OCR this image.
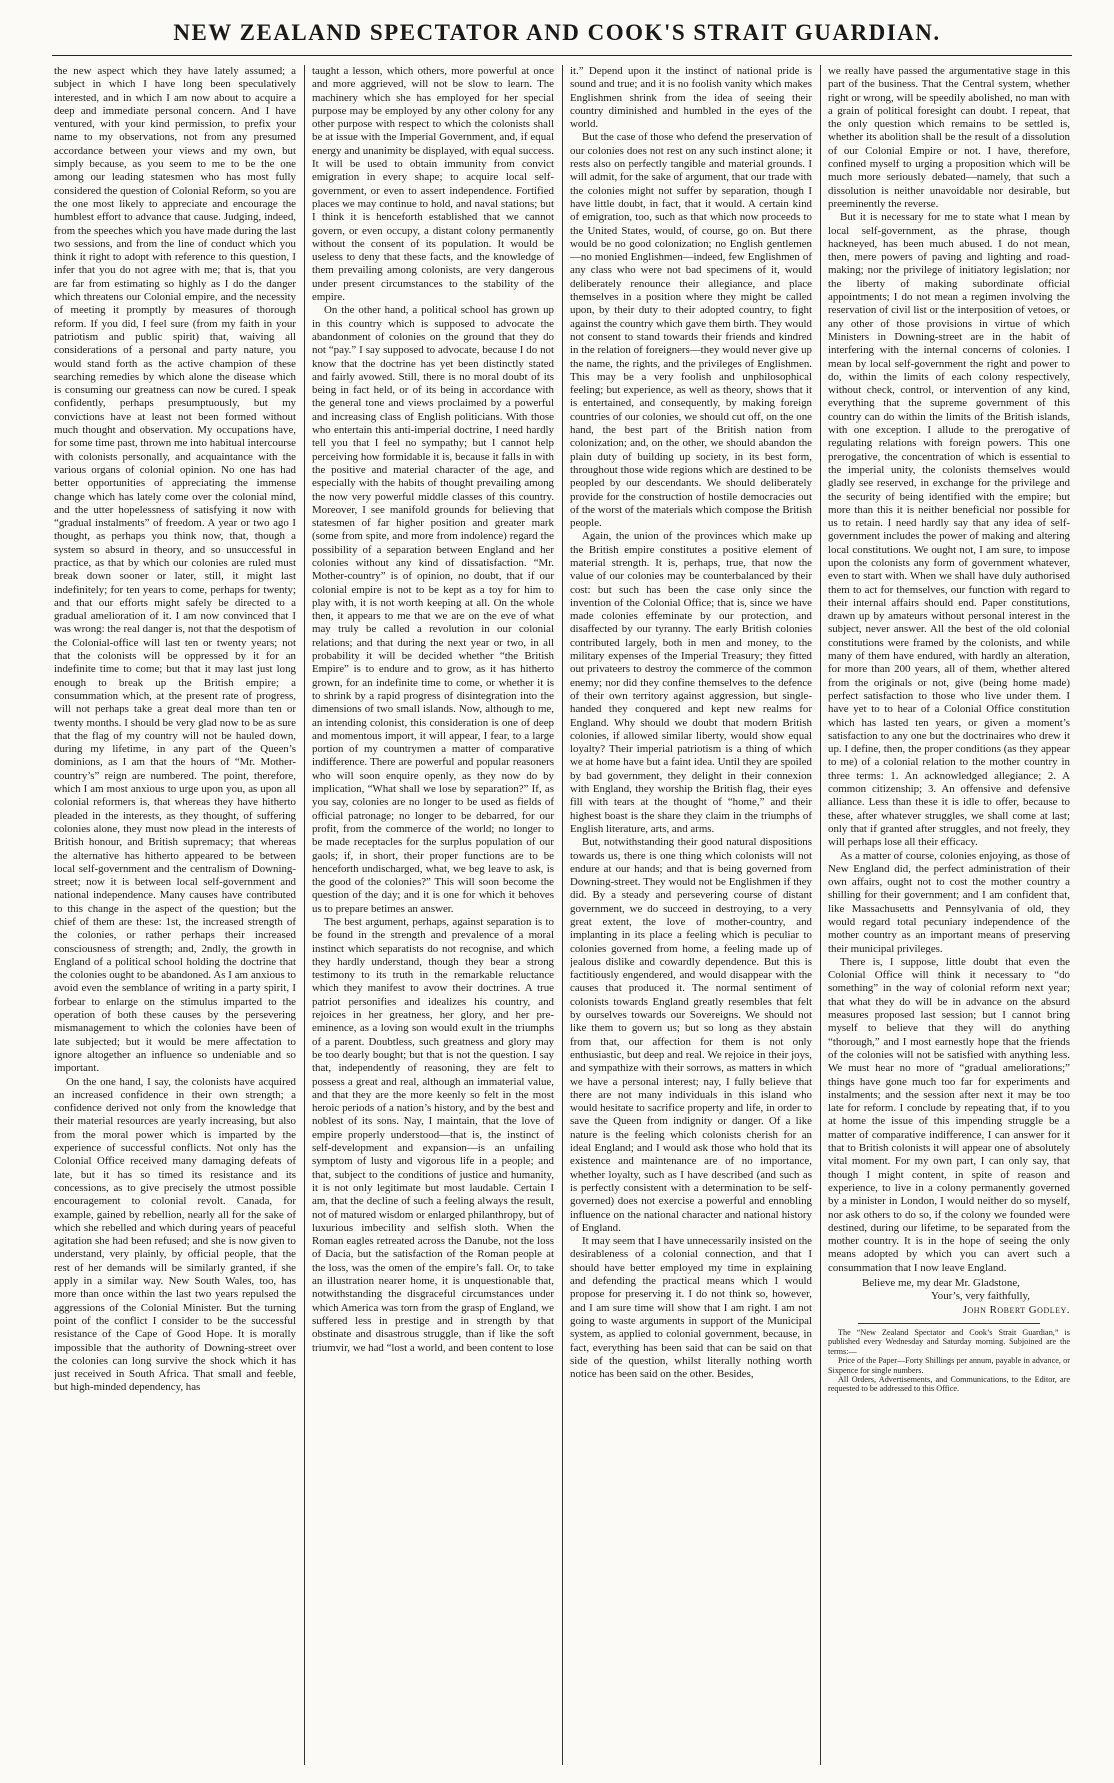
NEW ZEALAND SPECTATOR AND COOK'S STRAIT GUARDIAN.

the new aspect which they have lately assumed; a subject in which I have long been speculatively interested, and in which I am now about to acquire a deep and immediate personal concern. And I have ventured, with your kind permission, to prefix your name to my observations, not from any presumed accordance between your views and my own, but simply because, as you seem to me to be the one among our leading statesmen who has most fully considered the question of Colonial Reform, so you are the one most likely to appreciate and encourage the humblest effort to advance that cause. Judging, indeed, from the speeches which you have made during the last two sessions, and from the line of conduct which you think it right to adopt with reference to this question, I infer that you do not agree with me; that is, that you are far from estimating so highly as I do the danger which threatens our Colonial empire, and the necessity of meeting it promptly by measures of thorough reform. If you did, I feel sure (from my faith in your patriotism and public spirit) that, waiving all considerations of a personal and party nature, you would stand forth as the active champion of these searching remedies by which alone the disease which is consuming our greatness can now be cured. I speak confidently, perhaps presumptuously, but my convictions have at least not been formed without much thought and observation. My occupations have, for some time past, thrown me into habitual intercourse with colonists personally, and acquaintance with the various organs of colonial opinion. No one has had better opportunities of appreciating the immense change which has lately come over the colonial mind, and the utter hopelessness of satisfying it now with “gradual instalments” of freedom. A year or two ago I thought, as perhaps you think now, that, though a system so absurd in theory, and so unsuccessful in practice, as that by which our colonies are ruled must break down sooner or later, still, it might last indefinitely; for ten years to come, perhaps for twenty; and that our efforts might safely be directed to a gradual amelioration of it. I am now convinced that I was wrong: the real danger is, not that the despotism of the Colonial-office will last ten or twenty years; not that the colonists will be oppressed by it for an indefinite time to come; but that it may last just long enough to break up the British empire; a consummation which, at the present rate of progress, will not perhaps take a great deal more than ten or twenty months. I should be very glad now to be as sure that the flag of my country will not be hauled down, during my lifetime, in any part of the Queen’s dominions, as I am that the hours of “Mr. Mother-country’s” reign are numbered. The point, therefore, which I am most anxious to urge upon you, as upon all colonial reformers is, that whereas they have hitherto pleaded in the interests, as they thought, of suffering colonies alone, they must now plead in the interests of British honour, and British supremacy; that whereas the alternative has hitherto appeared to be between local self-government and the centralism of Downing-street; now it is between local self-government and national independence. Many causes have contributed to this change in the aspect of the question; but the chief of them are these: 1st, the increased strength of the colonies, or rather perhaps their increased consciousness of strength; and, 2ndly, the growth in England of a political school holding the doctrine that the colonies ought to be abandoned. As I am anxious to avoid even the semblance of writing in a party spirit, I forbear to enlarge on the stimulus imparted to the operation of both these causes by the persevering mismanagement to which the colonies have been of late subjected; but it would be mere affectation to ignore altogether an influence so undeniable and so important.

On the one hand, I say, the colonists have acquired an increased confidence in their own strength; a confidence derived not only from the knowledge that their material resources are yearly increasing, but also from the moral power which is imparted by the experience of successful conflicts. Not only has the Colonial Office received many damaging defeats of late, but it has so timed its resistance and its concessions, as to give precisely the utmost possible encouragement to colonial revolt. Canada, for example, gained by rebellion, nearly all for the sake of which she rebelled and which during years of peaceful agitation she had been refused; and she is now given to understand, very plainly, by official people, that the rest of her demands will be similarly granted, if she apply in a similar way. New South Wales, too, has more than once within the last two years repulsed the aggressions of the Colonial Minister. But the turning point of the conflict I consider to be the successful resistance of the Cape of Good Hope. It is morally impossible that the authority of Downing-street over the colonies can long survive the shock which it has just received in South Africa. That small and feeble, but high-minded dependency, has

taught a lesson, which others, more powerful at once and more aggrieved, will not be slow to learn. The machinery which she has employed for her special purpose may be employed by any other colony for any other purpose with respect to which the colonists shall be at issue with the Imperial Government, and, if equal energy and unanimity be displayed, with equal success. It will be used to obtain immunity from convict emigration in every shape; to acquire local self-government, or even to assert independence. Fortified places we may continue to hold, and naval stations; but I think it is henceforth established that we cannot govern, or even occupy, a distant colony permanently without the consent of its population. It would be useless to deny that these facts, and the knowledge of them prevailing among colonists, are very dangerous under present circumstances to the stability of the empire.

On the other hand, a political school has grown up in this country which is supposed to advocate the abandonment of colonies on the ground that they do not “pay.” I say supposed to advocate, because I do not know that the doctrine has yet been distinctly stated and fairly avowed. Still, there is no moral doubt of its being in fact held, or of its being in accordance with the general tone and views proclaimed by a powerful and increasing class of English politicians. With those who entertain this anti-imperial doctrine, I need hardly tell you that I feel no sympathy; but I cannot help perceiving how formidable it is, because it falls in with the positive and material character of the age, and especially with the habits of thought prevailing among the now very powerful middle classes of this country. Moreover, I see manifold grounds for believing that statesmen of far higher position and greater mark (some from spite, and more from indolence) regard the possibility of a separation between England and her colonies without any kind of dissatisfaction. “Mr. Mother-country” is of opinion, no doubt, that if our colonial empire is not to be kept as a toy for him to play with, it is not worth keeping at all. On the whole then, it appears to me that we are on the eve of what may truly be called a revolution in our colonial relations; and that during the next year or two, in all probability it will be decided whether “the British Empire” is to endure and to grow, as it has hitherto grown, for an indefinite time to come, or whether it is to shrink by a rapid progress of disintegration into the dimensions of two small islands. Now, although to me, an intending colonist, this consideration is one of deep and momentous import, it will appear, I fear, to a large portion of my countrymen a matter of comparative indifference. There are powerful and popular reasoners who will soon enquire openly, as they now do by implication, “What shall we lose by separation?” If, as you say, colonies are no longer to be used as fields of official patronage; no longer to be debarred, for our profit, from the commerce of the world; no longer to be made receptacles for the surplus population of our gaols; if, in short, their proper functions are to be henceforth undischarged, what, we beg leave to ask, is the good of the colonies?” This will soon become the question of the day; and it is one for which it behoves us to prepare betimes an answer.

The best argument, perhaps, against separation is to be found in the strength and prevalence of a moral instinct which separatists do not recognise, and which they hardly understand, though they bear a strong testimony to its truth in the remarkable reluctance which they manifest to avow their doctrines. A true patriot personifies and idealizes his country, and rejoices in her greatness, her glory, and her pre-eminence, as a loving son would exult in the triumphs of a parent. Doubtless, such greatness and glory may be too dearly bought; but that is not the question. I say that, independently of reasoning, they are felt to possess a great and real, although an immaterial value, and that they are the more keenly so felt in the most heroic periods of a nation’s history, and by the best and noblest of its sons. Nay, I maintain, that the love of empire properly understood—that is, the instinct of self-development and expansion—is an unfailing symptom of lusty and vigorous life in a people; and that, subject to the conditions of justice and humanity, it is not only legitimate but most laudable. Certain I am, that the decline of such a feeling always the result, not of matured wisdom or enlarged philanthropy, but of luxurious imbecility and selfish sloth. When the Roman eagles retreated across the Danube, not the loss of Dacia, but the satisfaction of the Roman people at the loss, was the omen of the empire’s fall. Or, to take an illustration nearer home, it is unquestionable that, notwithstanding the disgraceful circumstances under which America was torn from the grasp of England, we suffered less in prestige and in strength by that obstinate and disastrous struggle, than if like the soft triumvir, we had “lost a world, and been content to lose

it.” Depend upon it the instinct of national pride is sound and true; and it is no foolish vanity which makes Englishmen shrink from the idea of seeing their country diminished and humbled in the eyes of the world.

But the case of those who defend the preservation of our colonies does not rest on any such instinct alone; it rests also on perfectly tangible and material grounds. I will admit, for the sake of argument, that our trade with the colonies might not suffer by separation, though I have little doubt, in fact, that it would. A certain kind of emigration, too, such as that which now proceeds to the United States, would, of course, go on. But there would be no good colonization; no English gentlemen—no monied Englishmen—indeed, few Englishmen of any class who were not bad specimens of it, would deliberately renounce their allegiance, and place themselves in a position where they might be called upon, by their duty to their adopted country, to fight against the country which gave them birth. They would not consent to stand towards their friends and kindred in the relation of foreigners—they would never give up the name, the rights, and the privileges of Englishmen. This may be a very foolish and unphilosophical feeling; but experience, as well as theory, shows that it is entertained, and consequently, by making foreign countries of our colonies, we should cut off, on the one hand, the best part of the British nation from colonization; and, on the other, we should abandon the plain duty of building up society, in its best form, throughout those wide regions which are destined to be peopled by our descendants. We should deliberately provide for the construction of hostile democracies out of the worst of the materials which compose the British people.

Again, the union of the provinces which make up the British empire constitutes a positive element of material strength. It is, perhaps, true, that now the value of our colonies may be counterbalanced by their cost: but such has been the case only since the invention of the Colonial Office; that is, since we have made colonies effeminate by our protection, and disaffected by our tyranny. The early British colonies contributed largely, both in men and money, to the military expenses of the Imperial Treasury; they fitted out privateers to destroy the commerce of the common enemy; nor did they confine themselves to the defence of their own territory against aggression, but single-handed they conquered and kept new realms for England. Why should we doubt that modern British colonies, if allowed similar liberty, would show equal loyalty? Their imperial patriotism is a thing of which we at home have but a faint idea. Until they are spoiled by bad government, they delight in their connexion with England, they worship the British flag, their eyes fill with tears at the thought of “home,” and their highest boast is the share they claim in the triumphs of English literature, arts, and arms.

But, notwithstanding their good natural dispositions towards us, there is one thing which colonists will not endure at our hands; and that is being governed from Downing-street. They would not be Englishmen if they did. By a steady and persevering course of distant government, we do succeed in destroying, to a very great extent, the love of mother-country, and implanting in its place a feeling which is peculiar to colonies governed from home, a feeling made up of jealous dislike and cowardly dependence. But this is factitiously engendered, and would disappear with the causes that produced it. The normal sentiment of colonists towards England greatly resembles that felt by ourselves towards our Sovereigns. We should not like them to govern us; but so long as they abstain from that, our affection for them is not only enthusiastic, but deep and real. We rejoice in their joys, and sympathize with their sorrows, as matters in which we have a personal interest; nay, I fully believe that there are not many individuals in this island who would hesitate to sacrifice property and life, in order to save the Queen from indignity or danger. Of a like nature is the feeling which colonists cherish for an ideal England; and I would ask those who hold that its existence and maintenance are of no importance, whether loyalty, such as I have described (and such as is perfectly consistent with a determination to be self-governed) does not exercise a powerful and ennobling influence on the national character and national history of England.

It may seem that I have unnecessarily insisted on the desirableness of a colonial connection, and that I should have better employed my time in explaining and defending the practical means which I would propose for preserving it. I do not think so, however, and I am sure time will show that I am right. I am not going to waste arguments in support of the Municipal system, as applied to colonial government, because, in fact, everything has been said that can be said on that side of the question, whilst literally nothing worth notice has been said on the other. Besides,

we really have passed the argumentative stage in this part of the business. That the Central system, whether right or wrong, will be speedily abolished, no man with a grain of political foresight can doubt. I repeat, that the only question which remains to be settled is, whether its abolition shall be the result of a dissolution of our Colonial Empire or not. I have, therefore, confined myself to urging a proposition which will be much more seriously debated—namely, that such a dissolution is neither unavoidable nor desirable, but preeminently the reverse.

But it is necessary for me to state what I mean by local self-government, as the phrase, though hackneyed, has been much abused. I do not mean, then, mere powers of paving and lighting and road-making; nor the privilege of initiatory legislation; nor the liberty of making subordinate official appointments; I do not mean a regimen involving the reservation of civil list or the interposition of vetoes, or any other of those provisions in virtue of which Ministers in Downing-street are in the habit of interfering with the internal concerns of colonies. I mean by local self-government the right and power to do, within the limits of each colony respectively, without check, control, or intervention of any kind, everything that the supreme government of this country can do within the limits of the British islands, with one exception. I allude to the prerogative of regulating relations with foreign powers. This one prerogative, the concentration of which is essential to the imperial unity, the colonists themselves would gladly see reserved, in exchange for the privilege and the security of being identified with the empire; but more than this it is neither beneficial nor possible for us to retain. I need hardly say that any idea of self-government includes the power of making and altering local constitutions. We ought not, I am sure, to impose upon the colonists any form of government whatever, even to start with. When we shall have duly authorised them to act for themselves, our function with regard to their internal affairs should end. Paper constitutions, drawn up by amateurs without personal interest in the subject, never answer. All the best of the old colonial constitutions were framed by the colonists, and while many of them have endured, with hardly an alteration, for more than 200 years, all of them, whether altered from the originals or not, give (being home made) perfect satisfaction to those who live under them. I have yet to to hear of a Colonial Office constitution which has lasted ten years, or given a moment’s satisfaction to any one but the doctrinaires who drew it up. I define, then, the proper conditions (as they appear to me) of a colonial relation to the mother country in three terms: 1. An acknowledged allegiance; 2. A common citizenship; 3. An offensive and defensive alliance. Less than these it is idle to offer, because to these, after whatever struggles, we shall come at last; only that if granted after struggles, and not freely, they will perhaps lose all their efficacy.

As a matter of course, colonies enjoying, as those of New England did, the perfect administration of their own affairs, ought not to cost the mother country a shilling for their government; and I am confident that, like Massachusetts and Pennsylvania of old, they would regard total pecuniary independence of the mother country as an important means of preserving their municipal privileges.

There is, I suppose, little doubt that even the Colonial Office will think it necessary to “do something” in the way of colonial reform next year; that what they do will be in advance on the absurd measures proposed last session; but I cannot bring myself to believe that they will do anything “thorough,” and I most earnestly hope that the friends of the colonies will not be satisfied with anything less. We must hear no more of “gradual ameliorations;” things have gone much too far for experiments and instalments; and the session after next it may be too late for reform. I conclude by repeating that, if to you at home the issue of this impending struggle be a matter of comparative indifference, I can answer for it that to British colonists it will appear one of absolutely vital moment. For my own part, I can only say, that though I might content, in spite of reason and experience, to live in a colony permanently governed by a minister in London, I would neither do so myself, nor ask others to do so, if the colony we founded were destined, during our lifetime, to be separated from the mother country. It is in the hope of seeing the only means adopted by which you can avert such a consummation that I now leave England.

Believe me, my dear Mr. Gladstone,
Your’s, very faithfully,
John Robert Godley.
The “New Zealand Spectator and Cook’s Strait Guardian,” is published every Wednesday and Saturday morning. Subjoined are the terms:—
Price of the Paper—Forty Shillings per annum, payable in advance, or Sixpence for single numbers.
All Orders, Advertisements, and Communications, to the Editor, are requested to be addressed to this Office.
